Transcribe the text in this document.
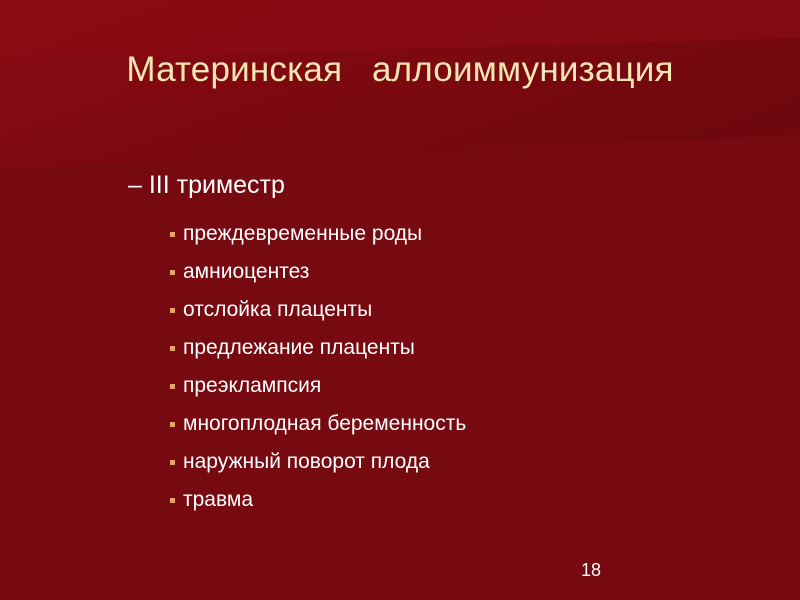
Материнская   аллоиммунизация
– III триместр
преждевременные роды
амниоцентез
отслойка плаценты
предлежание плаценты
преэклампсия
многоплодная беременность
наружный поворот плода
травма
18
